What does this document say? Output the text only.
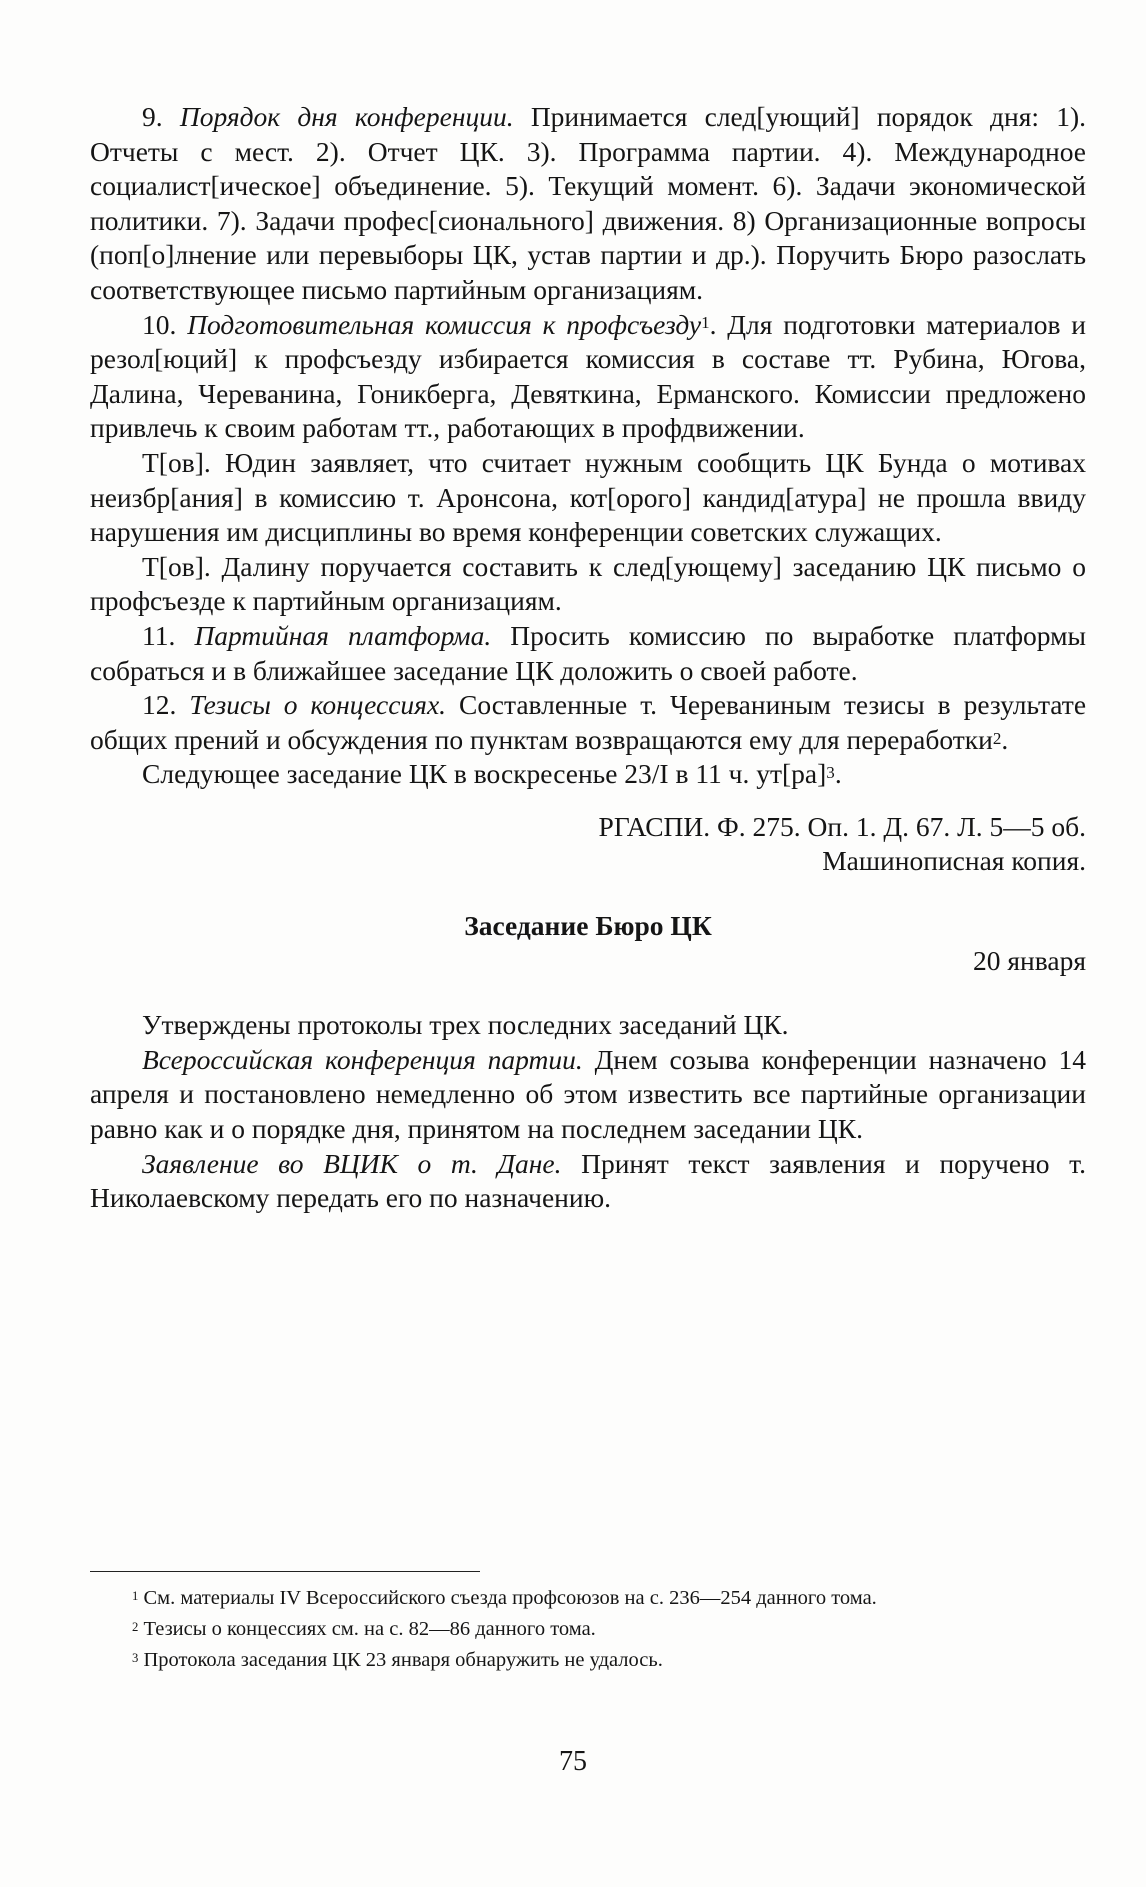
9. Порядок дня конференции. Принимается след[ующий] порядок дня: 1). Отчеты с мест. 2). Отчет ЦК. 3). Программа партии. 4). Международное социалист[ическое] объединение. 5). Текущий момент. 6). Задачи экономической политики. 7). Задачи профес[сионального] движения. 8) Организационные вопросы (поп[о]лнение или перевыборы ЦК, устав партии и др.). Поручить Бюро разослать соответствующее письмо партийным организациям.

10. Подготовительная комиссия к профсъезду$^1$. Для подготовки материалов и резол[юций] к профсъезду избирается комиссия в составе тт. Рубина, Югова, Далина, Череванина, Гоникберга, Девяткина, Ерманского. Комиссии предложено привлечь к своим работам тт., работающих в профдвижении.

Т[ов]. Юдин заявляет, что считает нужным сообщить ЦК Бунда о мотивах неизбр[ания] в комиссию т. Аронсона, кот[орого] кандид[атура] не прошла ввиду нарушения им дисциплины во время конференции советских служащих.

Т[ов]. Далину поручается составить к след[ующему] заседанию ЦК письмо о профсъезде к партийным организациям.

11. Партийная платформа. Просить комиссию по выработке платформы собраться и в ближайшее заседание ЦК доложить о своей работе.

12. Тезисы о концессиях. Составленные т. Череваниным тезисы в результате общих прений и обсуждения по пунктам возвращаются ему для переработки$^2$.

Следующее заседание ЦК в воскресенье 23/I в 11 ч. ут[ра]$^3$.

РГАСПИ. Ф. 275. Оп. 1. Д. 67. Л. 5—5 об.

Машинописная копия.

Заседание Бюро ЦК

20 января

Утверждены протоколы трех последних заседаний ЦК.

Всероссийская конференция партии. Днем созыва конференции назначено 14 апреля и постановлено немедленно об этом известить все партийные организации равно как и о порядке дня, принятом на последнем заседании ЦК.

Заявление во ВЦИК о т. Дане. Принят текст заявления и поручено т. Николаевскому передать его по назначению.

$^1$ См. материалы IV Всероссийского съезда профсоюзов на с. 236—254 данного тома.

$^2$ Тезисы о концессиях см. на с. 82—86 данного тома.

$^3$ Протокола заседания ЦК 23 января обнаружить не удалось.

75
